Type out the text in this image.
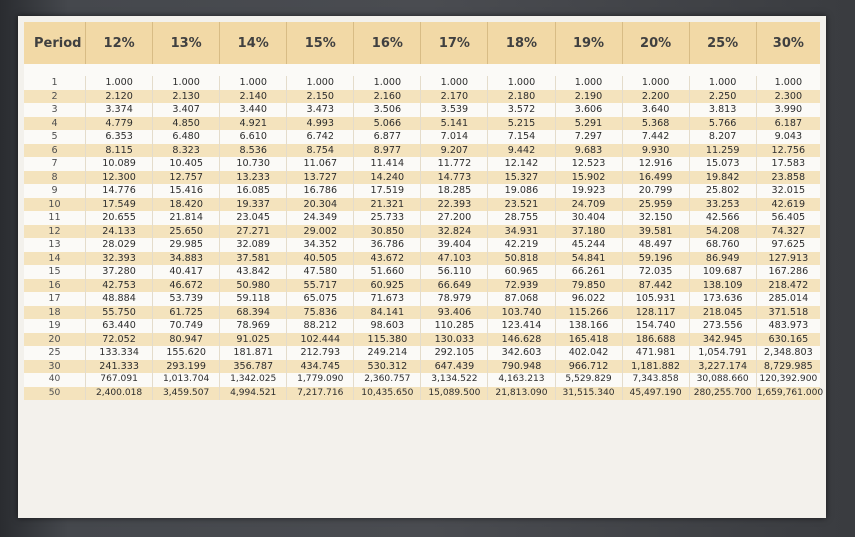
Period	12%	13%	14%	15%	16%	17%	18%	19%	20%	25%	30%

1	1.000	1.000	1.000	1.000	1.000	1.000	1.000	1.000	1.000	1.000	1.000
2	2.120	2.130	2.140	2.150	2.160	2.170	2.180	2.190	2.200	2.250	2.300
3	3.374	3.407	3.440	3.473	3.506	3.539	3.572	3.606	3.640	3.813	3.990
4	4.779	4.850	4.921	4.993	5.066	5.141	5.215	5.291	5.368	5.766	6.187
5	6.353	6.480	6.610	6.742	6.877	7.014	7.154	7.297	7.442	8.207	9.043
6	8.115	8.323	8.536	8.754	8.977	9.207	9.442	9.683	9.930	11.259	12.756
7	10.089	10.405	10.730	11.067	11.414	11.772	12.142	12.523	12.916	15.073	17.583
8	12.300	12.757	13.233	13.727	14.240	14.773	15.327	15.902	16.499	19.842	23.858
9	14.776	15.416	16.085	16.786	17.519	18.285	19.086	19.923	20.799	25.802	32.015
10	17.549	18.420	19.337	20.304	21.321	22.393	23.521	24.709	25.959	33.253	42.619
11	20.655	21.814	23.045	24.349	25.733	27.200	28.755	30.404	32.150	42.566	56.405
12	24.133	25.650	27.271	29.002	30.850	32.824	34.931	37.180	39.581	54.208	74.327
13	28.029	29.985	32.089	34.352	36.786	39.404	42.219	45.244	48.497	68.760	97.625
14	32.393	34.883	37.581	40.505	43.672	47.103	50.818	54.841	59.196	86.949	127.913
15	37.280	40.417	43.842	47.580	51.660	56.110	60.965	66.261	72.035	109.687	167.286
16	42.753	46.672	50.980	55.717	60.925	66.649	72.939	79.850	87.442	138.109	218.472
17	48.884	53.739	59.118	65.075	71.673	78.979	87.068	96.022	105.931	173.636	285.014
18	55.750	61.725	68.394	75.836	84.141	93.406	103.740	115.266	128.117	218.045	371.518
19	63.440	70.749	78.969	88.212	98.603	110.285	123.414	138.166	154.740	273.556	483.973
20	72.052	80.947	91.025	102.444	115.380	130.033	146.628	165.418	186.688	342.945	630.165
25	133.334	155.620	181.871	212.793	249.214	292.105	342.603	402.042	471.981	1,054.791	2,348.803
30	241.333	293.199	356.787	434.745	530.312	647.439	790.948	966.712	1,181.882	3,227.174	8,729.985
40	767.091	1,013.704	1,342.025	1,779.090	2,360.757	3,134.522	4,163.213	5,529.829	7,343.858	30,088.660	120,392.900
50	2,400.018	3,459.507	4,994.521	7,217.716	10,435.650	15,089.500	21,813.090	31,515.340	45,497.190	280,255.700	1,659,761.000
